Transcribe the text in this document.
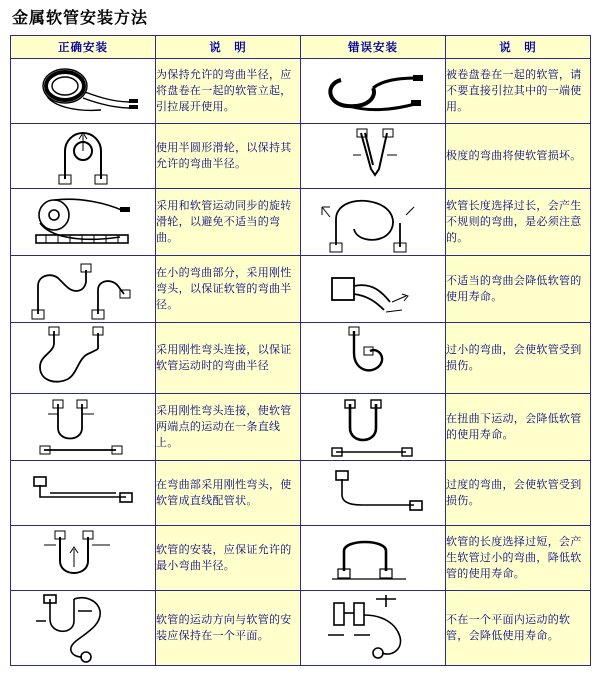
金属软管安装方法
正确安装	说　明	错误安装	说　明

	为保持允许的弯曲半径，应将盘卷在一起的软管立起，引拉展开使用。		被卷盘卷在一起的软管，请不要直接引拉其中的一端使用。

	使用半圆形滑轮，以保持其允许的弯曲半径。		极度的弯曲将使软管损坏。

	采用和软管运动同步的旋转滑轮，以避免不适当的弯曲。		软管长度选择过长，会产生不规则的弯曲，是必须注意的。

	在小的弯曲部分，采用刚性弯头，以保证软管的弯曲半径。		不适当的弯曲会降低软管的使用寿命。

	采用刚性弯头连接，以保证软管运动时的弯曲半径		过小的弯曲，会使软管受到损伤。

	采用刚性弯头连接，使软管两端点的运动在一条直线上。		在扭曲下运动，会降低软管的使用寿命。

	在弯曲部采用刚性弯头，使软管成直线配管状。		过度的弯曲，会使软管受到损伤。

	软管的安装，应保证允许的最小弯曲半径。		软管的长度选择过短，会产生软管过小的弯曲，降低软管的使用寿命。

	软管的运动方向与软管的安装应保持在一个平面。		不在一个平面内运动的软管，会降低使用寿命。
